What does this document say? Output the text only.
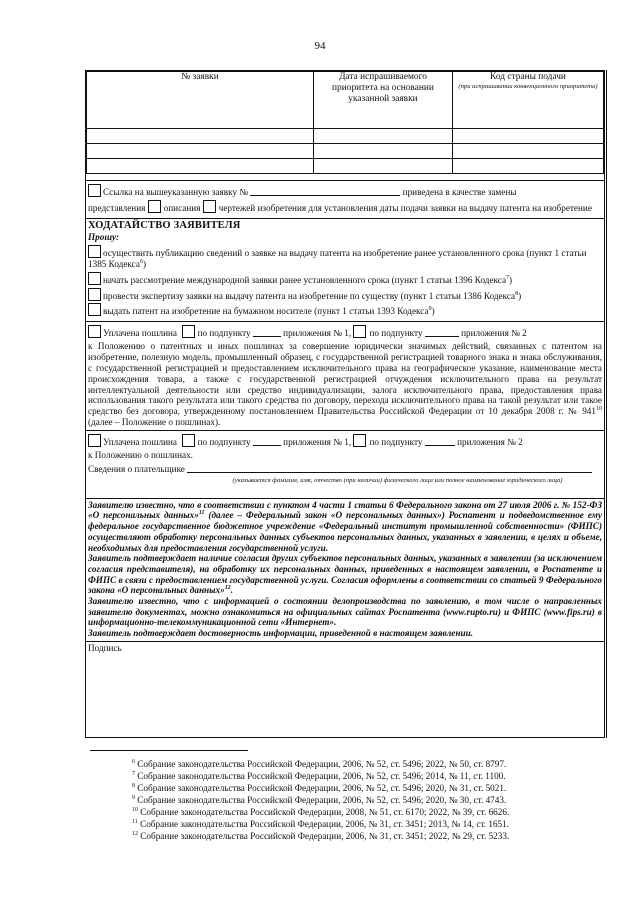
94
№ заявки	Дата испрашиваемого приоритета на основании указанной заявки	Код страны подачи
(при испрашивании конвенционного приоритета)

Ссылка на вышеуказанную заявку №	приведена в качестве замены
представления описания чертежей изобретения для установления даты подачи заявки на выдачу патента на изобретение
ХОДАТАЙСТВО ЗАЯВИТЕЛЯ
Прошу:
осуществить публикацию сведений о заявке на выдачу патента на изобретение ранее установленного срока (пункт 1 статьи 1385 Кодекса$^6$)
начать рассмотрение международной заявки ранее установленного срока (пункт 1 статьи 1396 Кодекса$^7$)
провести экспертизу заявки на выдачу патента на изобретение по существу (пункт 1 статьи 1386 Кодекса$^8$)
выдать патент на изобретение на бумажном носителе (пункт 1 статьи 1393 Кодекса$^9$)
Уплачена пошлина по подпункту	приложения № 1, по подпункту	приложения № 2
к Положению о патентных и иных пошлинах за совершение юридически значимых действий, связанных с патентом на изобретение, полезную модель, промышленный образец, с государственной регистрацией товарного знака и знака обслуживания, с государственной регистрацией и предоставлением исключительного права на географическое указание, наименование места происхождения товара, а также с государственной регистрацией отчуждения исключительного права на результат интеллектуальной деятельности или средство индивидуализации, залога исключительного права, предоставления права использования такого результата или такого средства по договору, перехода исключительного права на такой результат или такое средство без договора, утвержденному постановлением Правительства Российской Федерации от 10 декабря 2008 г. № $941^{10}$ (далее – Положение о пошлинах).
Уплачена пошлина по подпункту	приложения № 1, по подпункту	приложения № 2
к Положению о пошлинах.
Сведения о плательщике
(указывается фамилия, имя, отчество (при наличии) физического лица или полное наименование юридического лица)
Заявителю известно, что в соответствии с пунктом 4 части 1 статьи 6 Федерального закона от 27 июля 2006 г. № 152-ФЗ «О персональных данных»$^{11}$ (далее – Федеральный закон «О персональных данных») Роспатент и подведомственное ему федеральное государственное бюджетное учреждение «Федеральный институт промышленной собственности» (ФИПС) осуществляют обработку персональных данных субъектов персональных данных, указанных в заявлении, в целях и объеме, необходимых для предоставления государственной услуги.
Заявитель подтверждает наличие согласия других субъектов персональных данных, указанных в заявлении (за исключением согласия представителя), на обработку их персональных данных, приведенных в настоящем заявлении, в Роспатенте и ФИПС в связи с предоставлением государственной услуги. Согласия оформлены в соответствии со статьей 9 Федерального закона «О персональных данных»$^{12}$.
Заявителю известно, что с информацией о состоянии делопроизводства по заявлению, в том числе о направленных заявителю документах, можно ознакомиться на официальных сайтах Роспатента (www.rupto.ru) и ФИПС (www.fips.ru) в информационно-телекоммуникационной сети «Интернет».
Заявитель подтверждает достоверность информации, приведенной в настоящем заявлении.
Подпись
$^6$ Собрание законодательства Российской Федерации, 2006, № 52, ст. 5496; 2022, № 50, ст. 8797.
$^7$ Собрание законодательства Российской Федерации, 2006, № 52, ст. 5496; 2014, № 11, ст. 1100.
$^8$ Собрание законодательства Российской Федерации, 2006, № 52, ст. 5496; 2020, № 31, ст. 5021.
$^9$ Собрание законодательства Российской Федерации, 2006, № 52, ст. 5496; 2020, № 30, ст. 4743.
$^{10}$ Собрание законодательства Российской Федерации, 2008, № 51, ст. 6170; 2022, № 39, ст. 6626.
$^{11}$ Собрание законодательства Российской Федерации, 2006, № 31, ст. 3451; 2013, № 14, ст. 1651.
$^{12}$ Собрание законодательства Российской Федерации, 2006, № 31, ст. 3451; 2022, № 29, ст. 5233.
